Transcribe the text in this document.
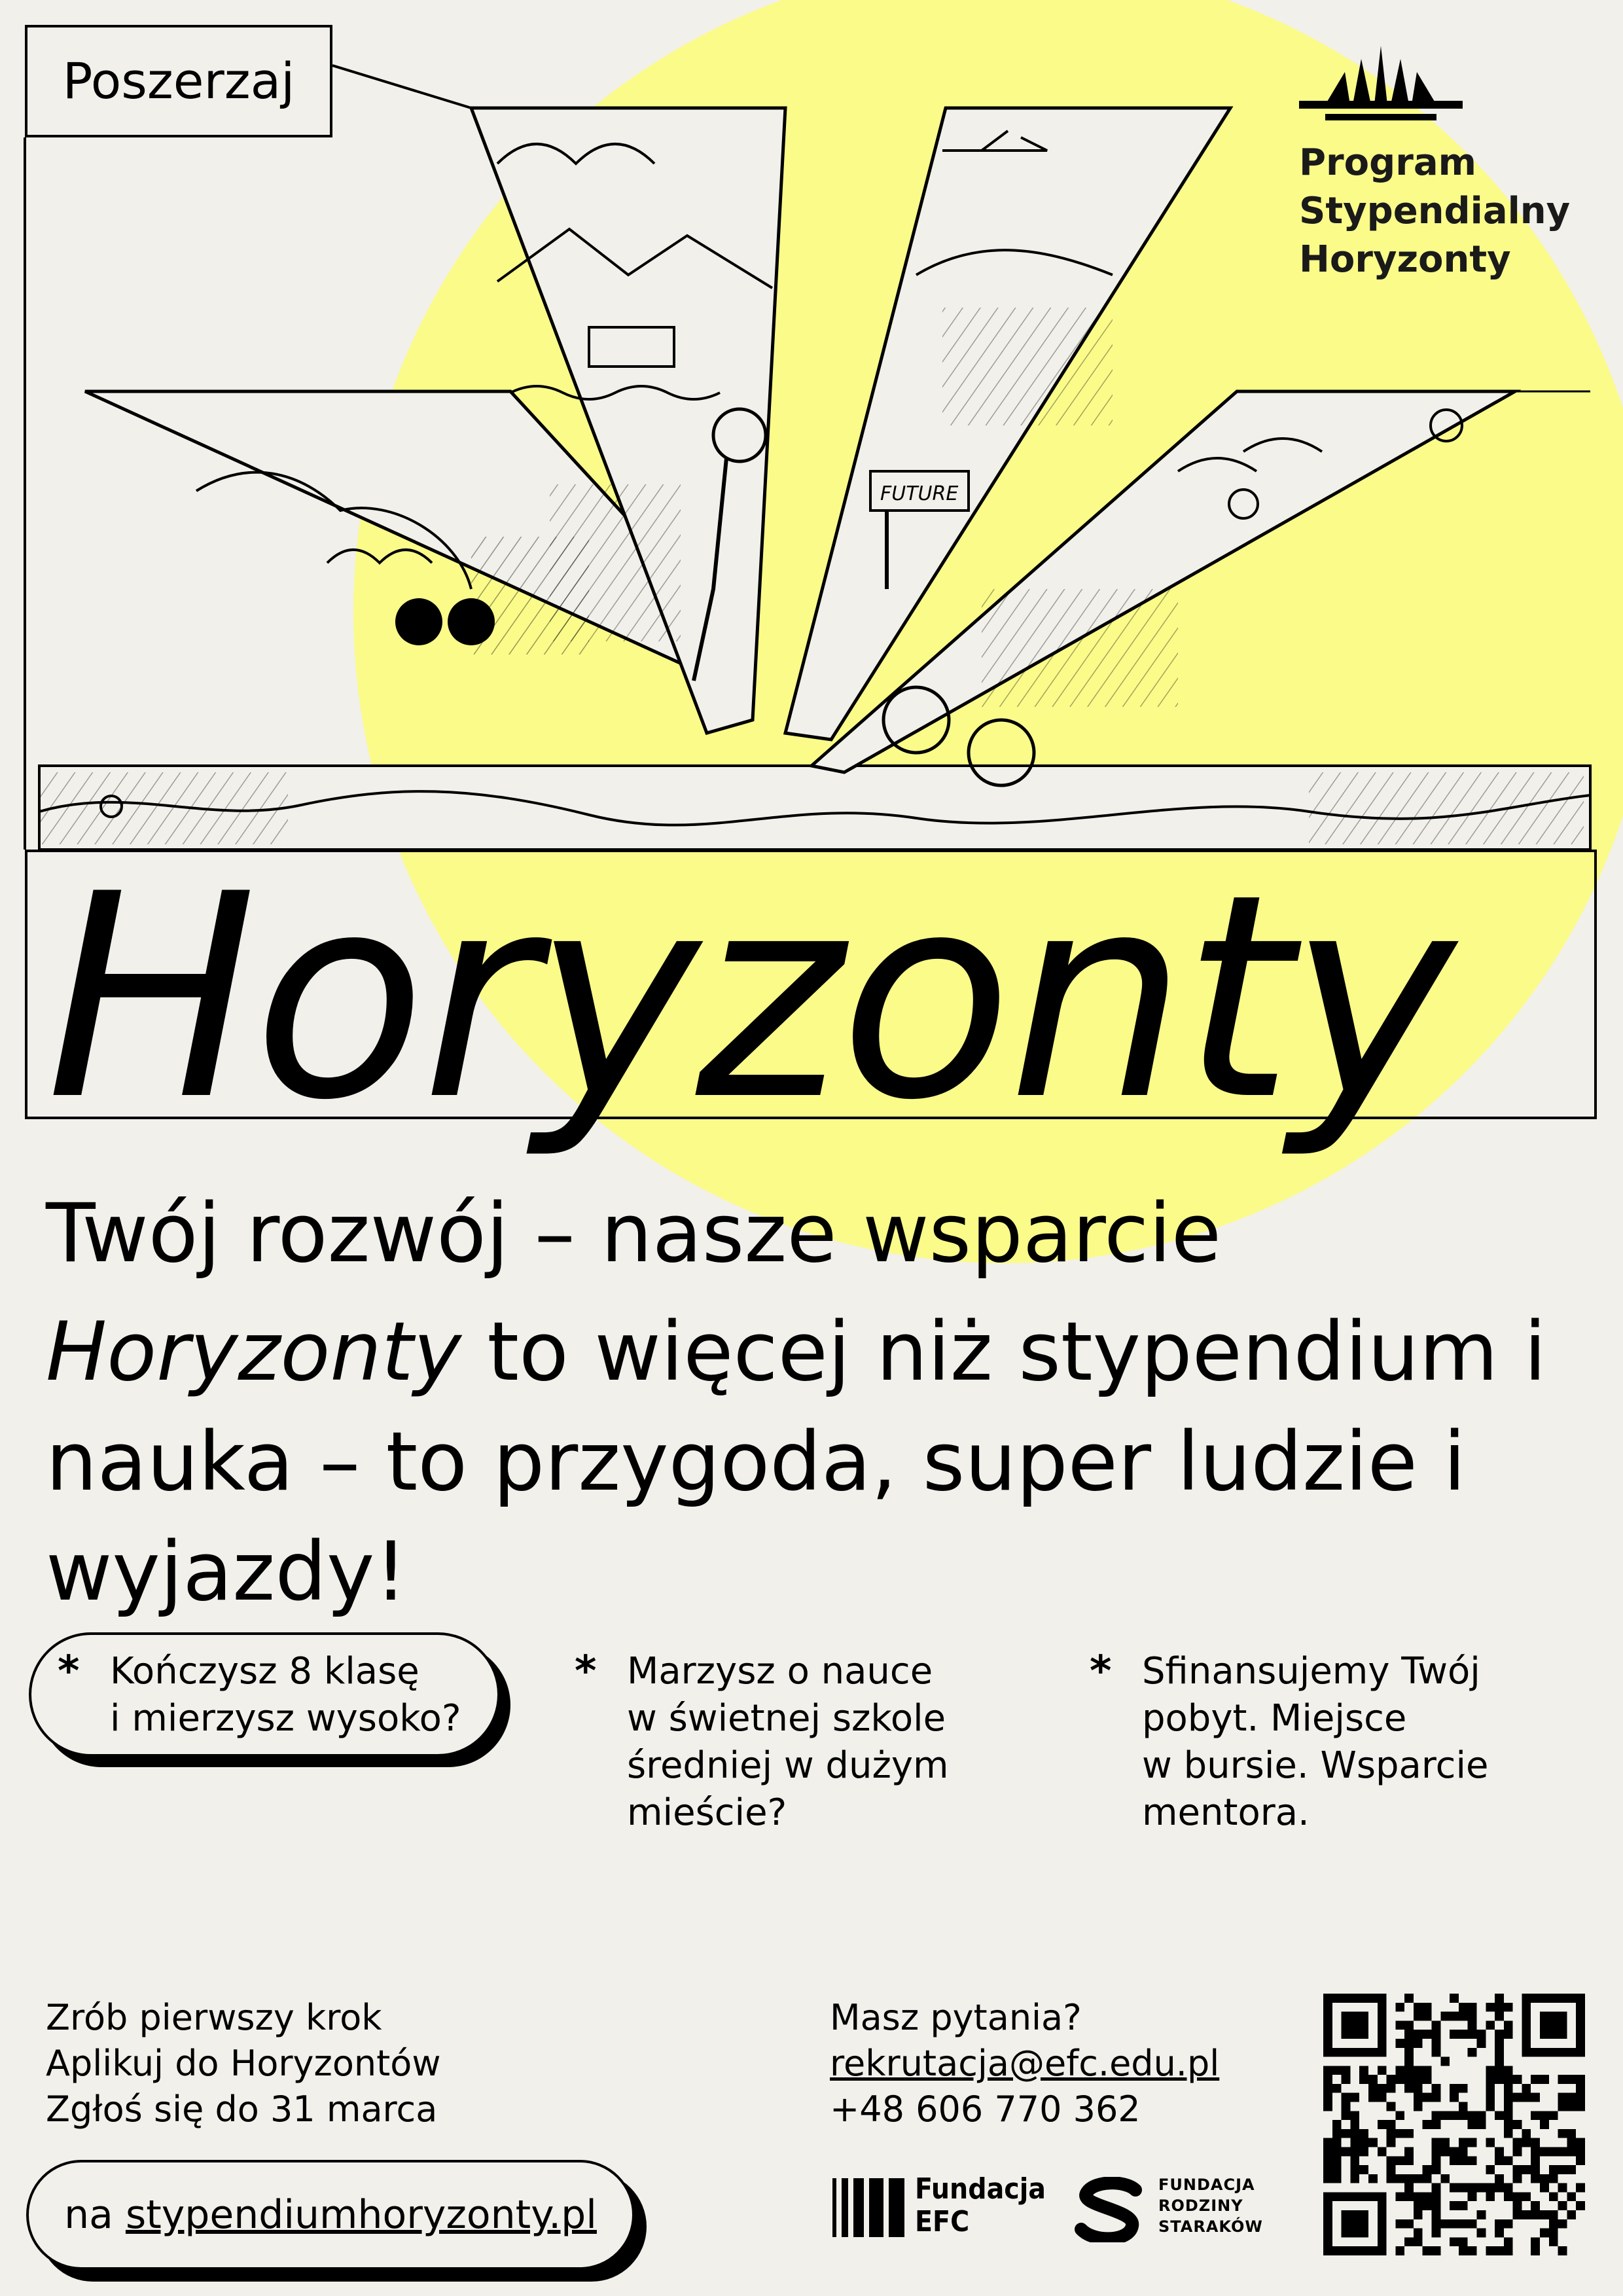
FUTURE
Poszerzaj
Program
Stypendialny
Horyzonty
Horyzonty
Twój rozwój – nasze wsparcie
Horyzonty to więcej niż stypendium i nauka – to przygoda, super ludzie i wyjazdy!
* Kończysz 8 klasę
i mierzysz wysoko?
* Marzysz o nauce
w świetnej szkole
średniej w dużym
mieście?
* Sfinansujemy Twój
pobyt. Miejsce
w bursie. Wsparcie
mentora.
Zrób pierwszy krok
Aplikuj do Horyzontów
Zgłoś się do 31 marca
Masz pytania?
rekrutacja@efc.edu.pl
+48 606 770 362
na stypendiumhoryzonty.pl
Fundacja
EFC
FUNDACJA
RODZINY
STARAKÓW
